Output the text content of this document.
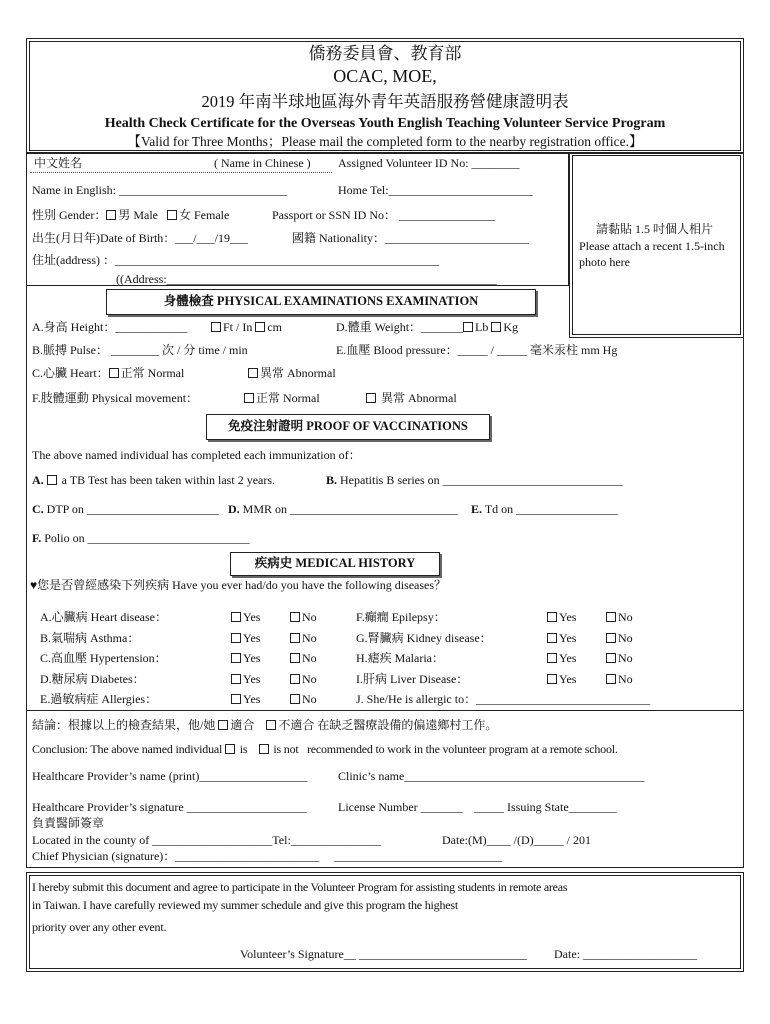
僑務委員會、教育部
OCAC, MOE,
2019 年南半球地區海外青年英語服務營健康證明表
Health Check Certificate for the Overseas Youth English Teaching Volunteer Service Program
【Valid for Three Months；Please mail the completed form to the nearby registration office.】
中文姓名	( Name in Chinese ) Assigned Volunteer ID No: ________
Name in English: ____________________________	Home Tel:________________________
性別 Gender： 男 Male 女 Female	Passport or SSN ID No： ________________
出生(月日年)Date of Birth：___/___/19___	國籍 Nationality：________________________
住址(address) ：______________________________________________________
((Address:_______________________________________________________
請黏貼 1.5 吋個人相片
Please attach a recent 1.5-inch photo here
身體檢查 PHYSICAL EXAMINATIONS EXAMINATION
A.身高 Height：____________	Ft / In cm	D.體重 Weight：_______ Lb Kg
B.脈搏 Pulse： ________ 次 / 分 time / min	E.血壓 Blood pressure：_____ / _____ 毫米汞柱 mm Hg
C.心臟 Heart： 正常 Normal	異常 Abnormal
F.肢體運動 Physical movement：	正常 Normal	異常 Abnormal
免疫注射證明 PROOF OF VACCINATIONS
The above named individual has completed each immunization of：
A. a TB Test has been taken within last 2 years.	B. Hepatitis B series on ______________________________
C. DTP on ______________________ D. MMR on ____________________________ E. Td on _________________
F. Polio on ___________________________
疾病史 MEDICAL HISTORY
♥您是否曾經感染下列疾病 Have you ever had/do you have the following diseases？
A.心臟病 Heart disease：	Yes	No	F.癲癇 Epilepsy：	Yes	No
B.氣喘病 Asthma：	Yes	No	G.腎臟病 Kidney disease：	Yes	No
C.高血壓 Hypertension：	Yes	No	H.瘧疾 Malaria：	Yes	No
D.糖尿病 Diabetes：	Yes	No	I.肝病 Liver Disease：	Yes	No
E.過敏病症 Allergies：	Yes	No	J. She/He is allergic to：_____________________________
結論：根據以上的檢查結果，他/她 適合 不適合 在缺乏醫療設備的偏遠鄉村工作。
Conclusion: The above named individual is is not recommended to work in the volunteer program at a remote school.
Healthcare Provider’s name (print)__________________	Clinic’s name________________________________________
Healthcare Provider’s signature ____________________	License Number _______ _____ Issuing State________
負責醫師簽章
Located in the county of ____________________Tel:_______________	Date:(M)____ /(D)_____ / 201
Chief Physician (signature)：________________________ ____________________________
I hereby submit this document and agree to participate in the Volunteer Program for assisting students in remote areas
in Taiwan. I have carefully reviewed my summer schedule and give this program the highest
priority over any other event.
Volunteer’s Signature__ ____________________________ Date: ___________________
